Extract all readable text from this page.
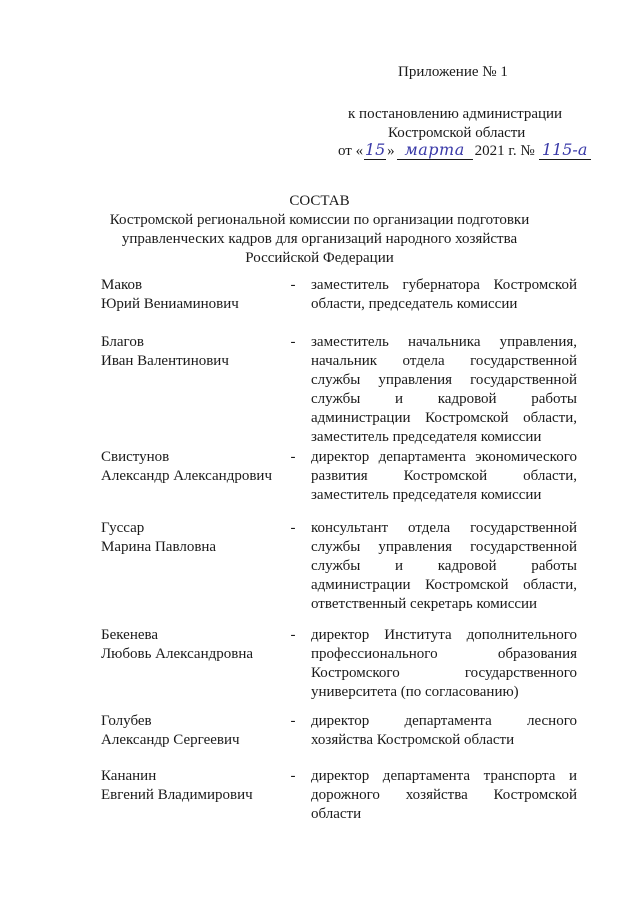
Приложение № 1
к постановлению администрации
Костромской области
от « 15 » марта 2021 г. № 115-а
СОСТАВ
Костромской региональной комиссии по организации подготовки
управленческих кадров для организаций народного хозяйства
Российской Федерации
Маков
Юрий Вениаминович
- заместитель губернатора Костромской области, председатель комиссии
Благов
Иван Валентинович
- заместитель начальника управления, начальник отдела государственной службы управления государственной службы и кадровой работы администрации Костромской области, заместитель председателя комиссии
Свистунов
Александр Александрович
- директор департамента экономического развития Костромской области, заместитель председателя комиссии
Гуссар
Марина Павловна
- консультант отдела государственной службы управления государственной службы и кадровой работы администрации Костромской области, ответственный секретарь комиссии
Бекенева
Любовь Александровна
- директор Института дополнительного профессионального образования Костромского государственного университета (по согласованию)
Голубев
Александр Сергеевич
- директор департамента лесного хозяйства Костромской области
Кананин
Евгений Владимирович
- директор департамента транспорта и дорожного хозяйства Костромской области
